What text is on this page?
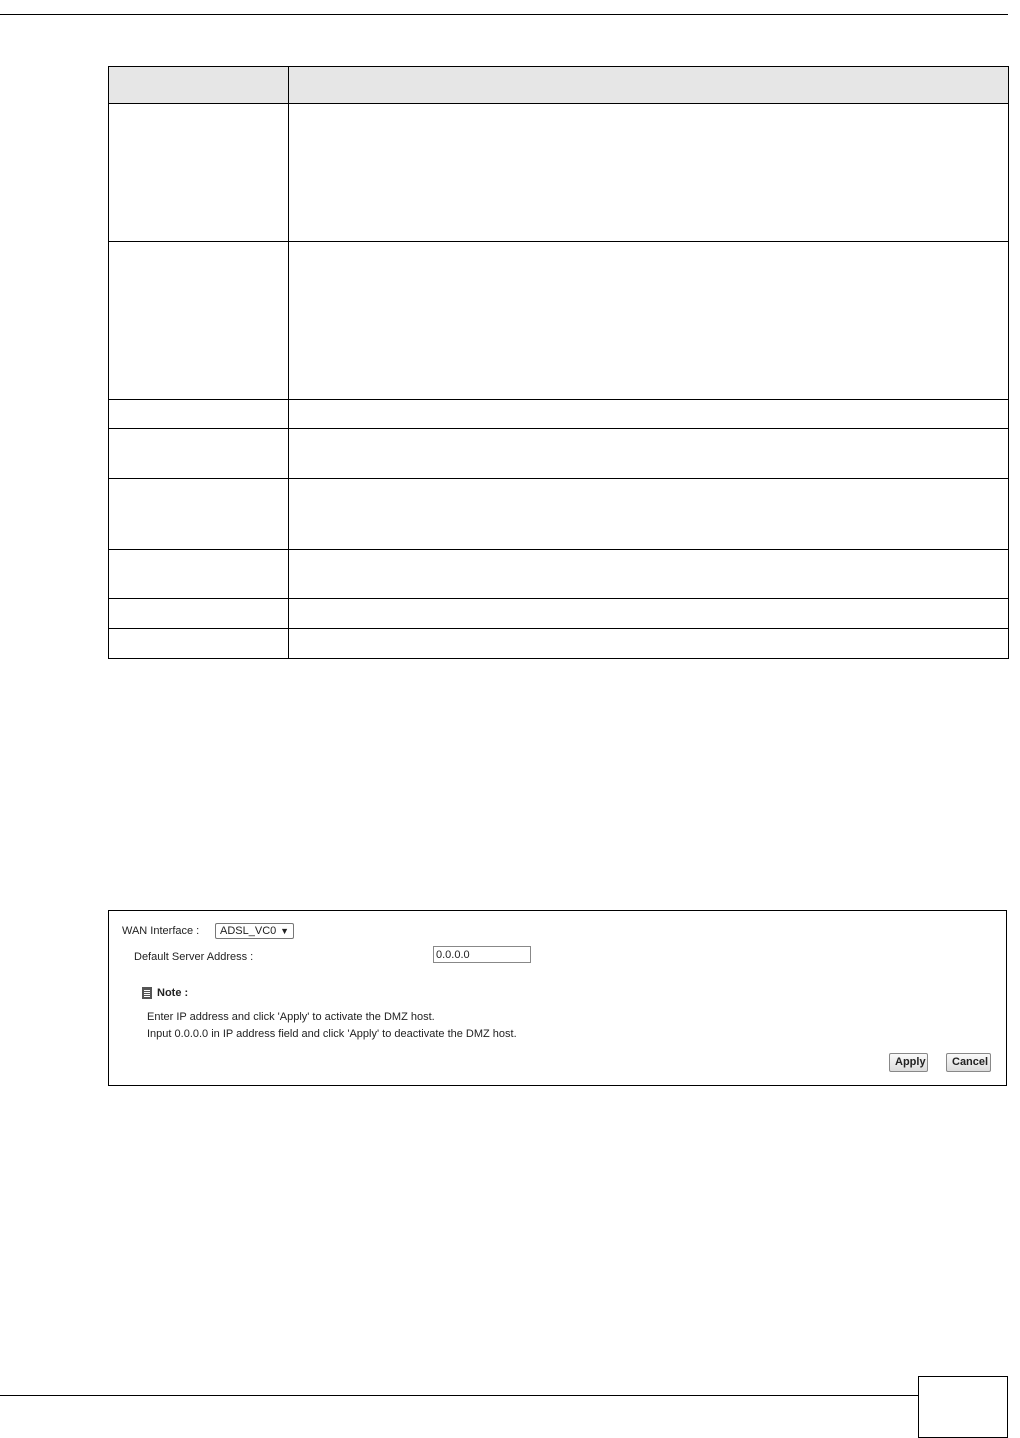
WAN Interface :	ADSL_VC0 ▼
Default Server Address :
0.0.0.0
Note :
Enter IP address and click 'Apply' to activate the DMZ host.
Input 0.0.0.0 in IP address field and click 'Apply' to deactivate the DMZ host.
Apply	Cancel
